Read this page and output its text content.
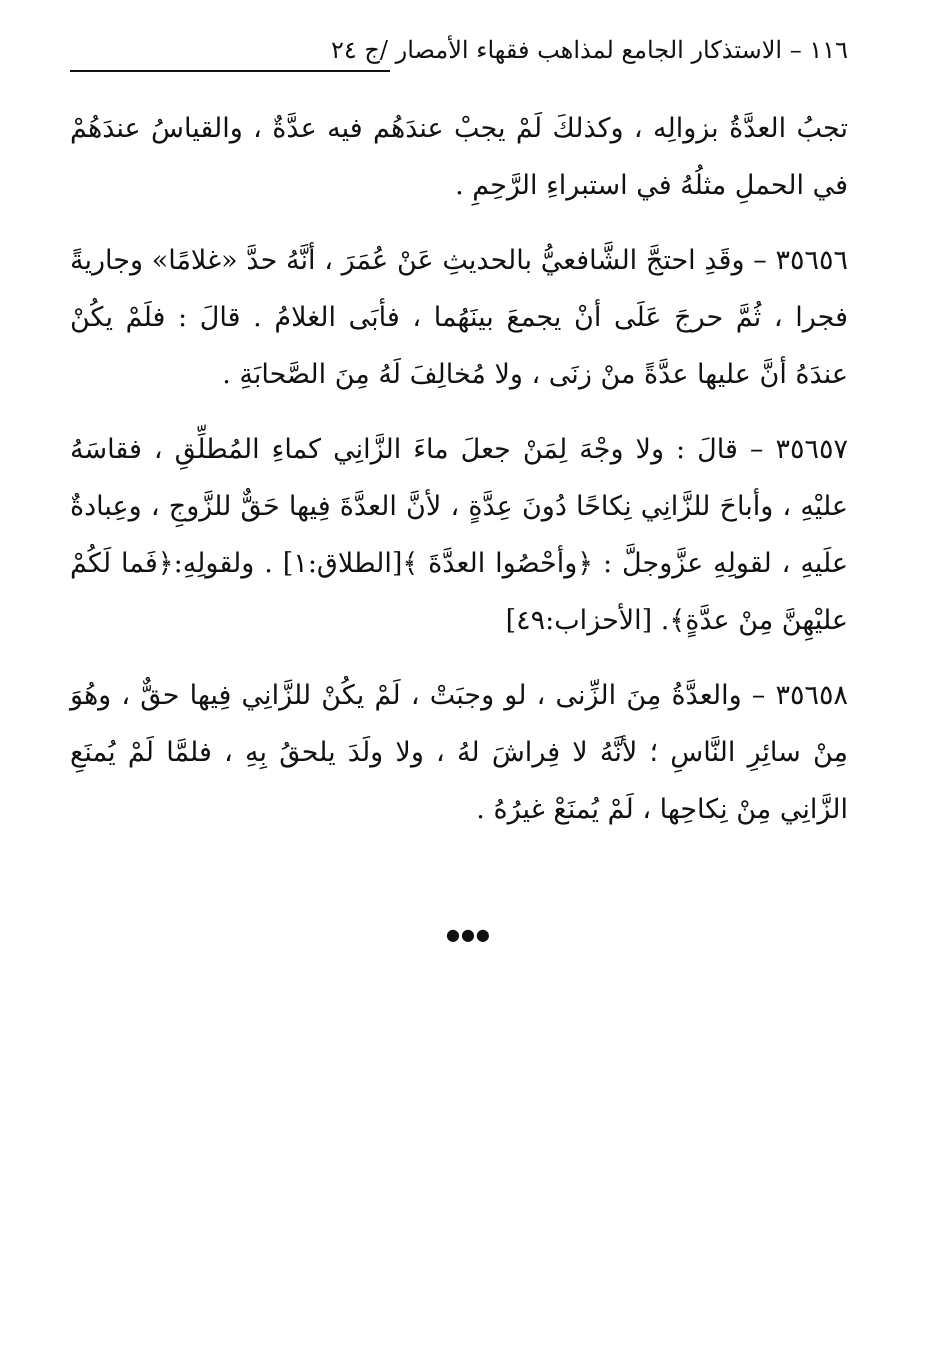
١١٦ – الاستذكار الجامع لمذاهب فقهاء الأمصار /ج ٢٤

تجبُ العدَّةُ بزوالِه ، وكذلكَ لَمْ يجبْ عندَهُم فيه عدَّةٌ ، والقياسُ عندَهُمْ في الحملِ مثلُهُ في استبراءِ الرَّحِمِ .

٣٥٦٥٦ – وقَدِ احتجَّ الشَّافعيُّ بالحديثِ عَنْ عُمَرَ ، أنَّهُ حدَّ «غلامًا» وجاريةً فجرا ، ثُمَّ حرجَ عَلَى أنْ يجمعَ بينَهُما ، فأبَى الغلامُ . قالَ : فلَمْ يكُنْ عندَهُ أنَّ عليها عدَّةً منْ زنَى ، ولا مُخالِفَ لَهُ مِنَ الصَّحابَةِ .

٣٥٦٥٧ – قالَ : ولا وجْهَ لِمَنْ جعلَ ماءَ الزَّانِي كماءِ المُطلِّقِ ، فقاسَهُ عليْهِ ، وأباحَ للزَّانِي نِكاحًا دُونَ عِدَّةٍ ، لأنَّ العدَّةَ فِيها حَقٌّ للزَّوجِ ، وعِبادةٌ علَيهِ ، لقولِهِ عزَّوجلَّ : ﴿وأحْصُوا العدَّةَ ﴾[الطلاق:١] . ولقولِهِ:﴿فَما لَكُمْ عليْهِنَّ مِنْ عدَّةٍ﴾. [الأحزاب:٤٩]

٣٥٦٥٨ – والعدَّةُ مِنَ الزِّنى ، لو وجبَتْ ، لَمْ يكُنْ للزَّانِي فِيها حقٌّ ، وهُوَ مِنْ سائِرِ النَّاسِ ؛ لأنَّهُ لا فِراشَ لهُ ، ولا ولَدَ يلحقُ بِهِ ، فلمَّا لَمْ يُمنَعِ الزَّانِي مِنْ نِكاحِها ، لَمْ يُمنَعْ غيرُهُ .

●●●
